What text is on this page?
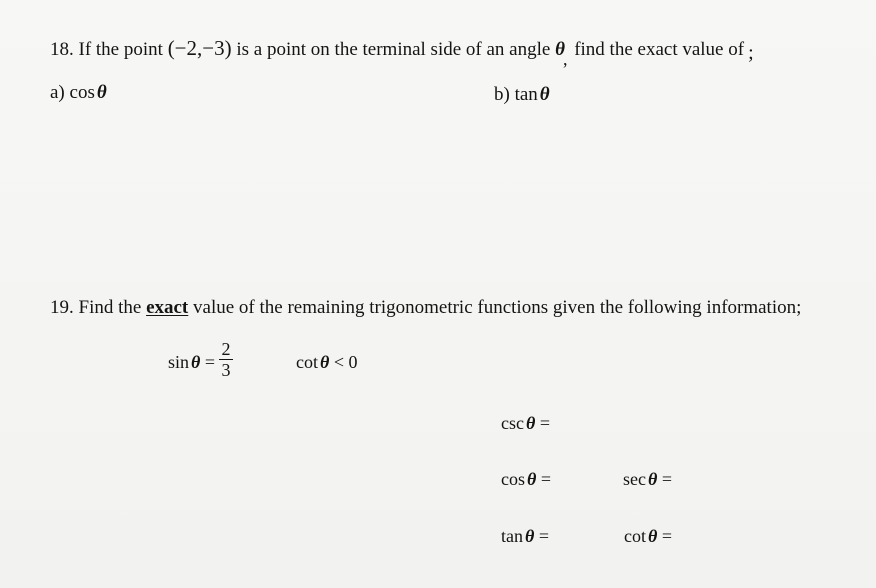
18. If the point (−2,−3) is a point on the terminal side of an angle θ, find the exact value of ;
a) cos θ	b) tan θ
19. Find the exact value of the remaining trigonometric functions given the following information;
sin θ =
2
3	cot θ < 0
csc θ =
cos θ =	sec θ =
tan θ =	cot θ =
